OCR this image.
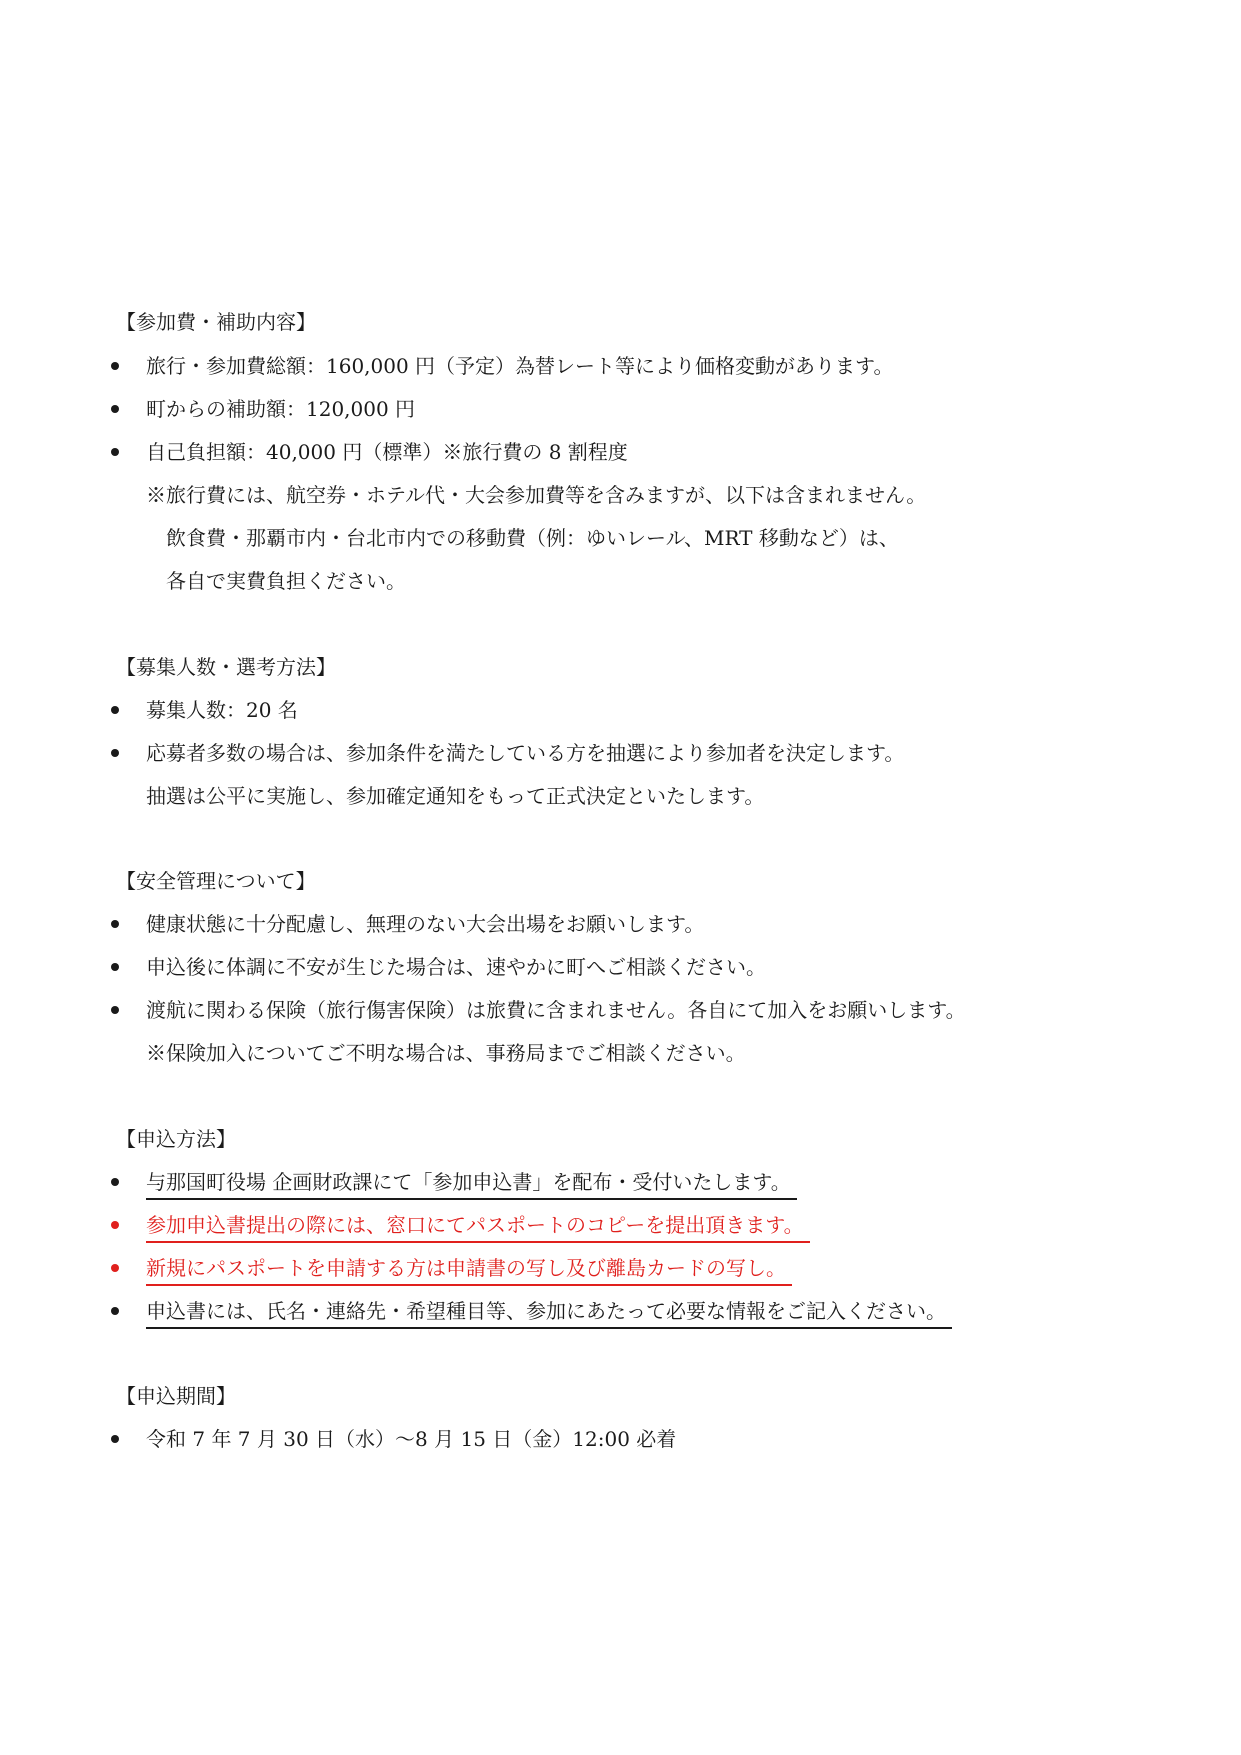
【参加費・補助内容】
旅行・参加費総額：160,000 円（予定）為替レート等により価格変動があります。
町からの補助額：120,000 円
自己負担額：40,000 円（標準）※旅行費の 8 割程度
※旅行費には、航空券・ホテル代・大会参加費等を含みますが、以下は含まれません。
飲食費・那覇市内・台北市内での移動費（例：ゆいレール、MRT 移動など）は、
各自で実費負担ください。
【募集人数・選考方法】
募集人数：20 名
応募者多数の場合は、参加条件を満たしている方を抽選により参加者を決定します。
抽選は公平に実施し、参加確定通知をもって正式決定といたします。
【安全管理について】
健康状態に十分配慮し、無理のない大会出場をお願いします。
申込後に体調に不安が生じた場合は、速やかに町へご相談ください。
渡航に関わる保険（旅行傷害保険）は旅費に含まれません。各自にて加入をお願いします。
※保険加入についてご不明な場合は、事務局までご相談ください。
【申込方法】
与那国町役場 企画財政課にて「参加申込書」を配布・受付いたします。
参加申込書提出の際には、窓口にてパスポートのコピーを提出頂きます。
新規にパスポートを申請する方は申請書の写し及び離島カードの写し。
申込書には、氏名・連絡先・希望種目等、参加にあたって必要な情報をご記入ください。
【申込期間】
令和 7 年 7 月 30 日（水）〜8 月 15 日（金）12:00 必着
